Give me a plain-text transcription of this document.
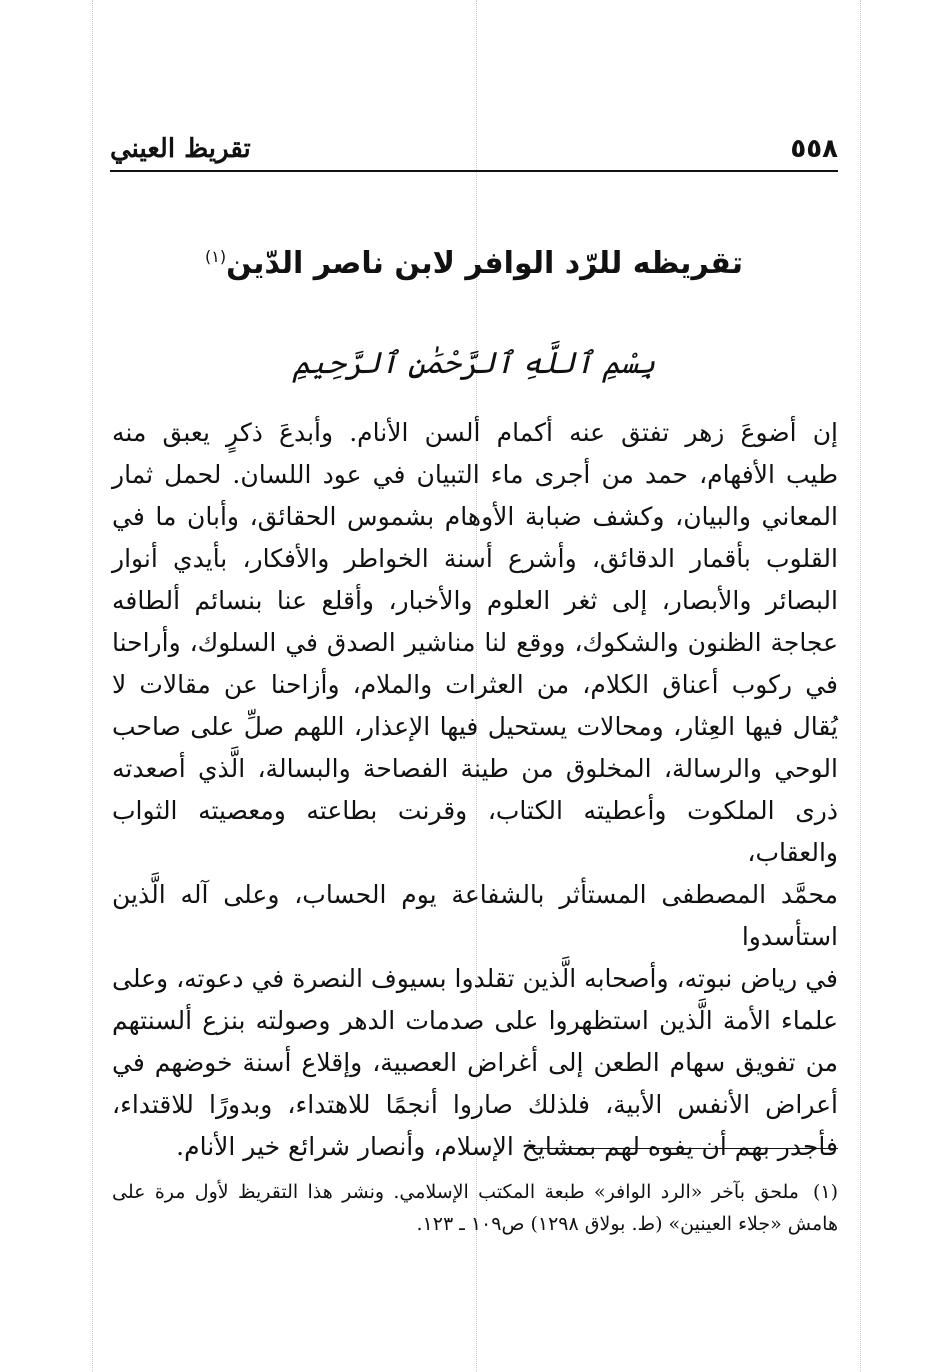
٥٥٨
تقريظ العيني
تقريظه للرّد الوافر لابن ناصر الدّين$^{(١)}$
بِسْمِ ٱللَّهِ ٱلرَّحْمَٰنِ ٱلرَّحِيمِ

إن أضوعَ زهر تفتق عنه أكمام ألسن الأنام. وأبدعَ ذكرٍ يعبق منه

طيب الأفهام، حمد من أجرى ماء التبيان في عود اللسان. لحمل ثمار

المعاني والبيان، وكشف ضبابة الأوهام بشموس الحقائق، وأبان ما في

القلوب بأقمار الدقائق، وأشرع أسنة الخواطر والأفكار، بأيدي أنوار

البصائر والأبصار، إلى ثغر العلوم والأخبار، وأقلع عنا بنسائم ألطافه

عجاجة الظنون والشكوك، ووقع لنا مناشير الصدق في السلوك، وأراحنا

في ركوب أعناق الكلام، من العثرات والملام، وأزاحنا عن مقالات لا

يُقال فيها العِثار، ومحالات يستحيل فيها الإعذار، اللهم صلِّ على صاحب

الوحي والرسالة، المخلوق من طينة الفصاحة والبسالة، الَّذي أصعدته

ذرى الملكوت وأعطيته الكتاب، وقرنت بطاعته ومعصيته الثواب والعقاب،

محمَّد المصطفى المستأثر بالشفاعة يوم الحساب، وعلى آله الَّذين استأسدوا

في رياض نبوته، وأصحابه الَّذين تقلدوا بسيوف النصرة في دعوته، وعلى

علماء الأمة الَّذين استظهروا على صدمات الدهر وصولته بنزع ألسنتهم

من تفويق سهام الطعن إلى أغراض العصبية، وإقلاع أسنة خوضهم في

أعراض الأنفس الأبية، فلذلك صاروا أنجمًا للاهتداء، وبدورًا للاقتداء،

فأجدر بهم أن يفوه لهم بمشايخ الإسلام، وأنصار شرائع خير الأنام.

(١)ملحق بآخر «الرد الوافر» طبعة المكتب الإسلامي. ونشر هذا التقريظ لأول مرة على هامش «جلاء العينين» (ط. بولاق ١٢٩٨) ص١٠٩ ـ ١٢٣.
